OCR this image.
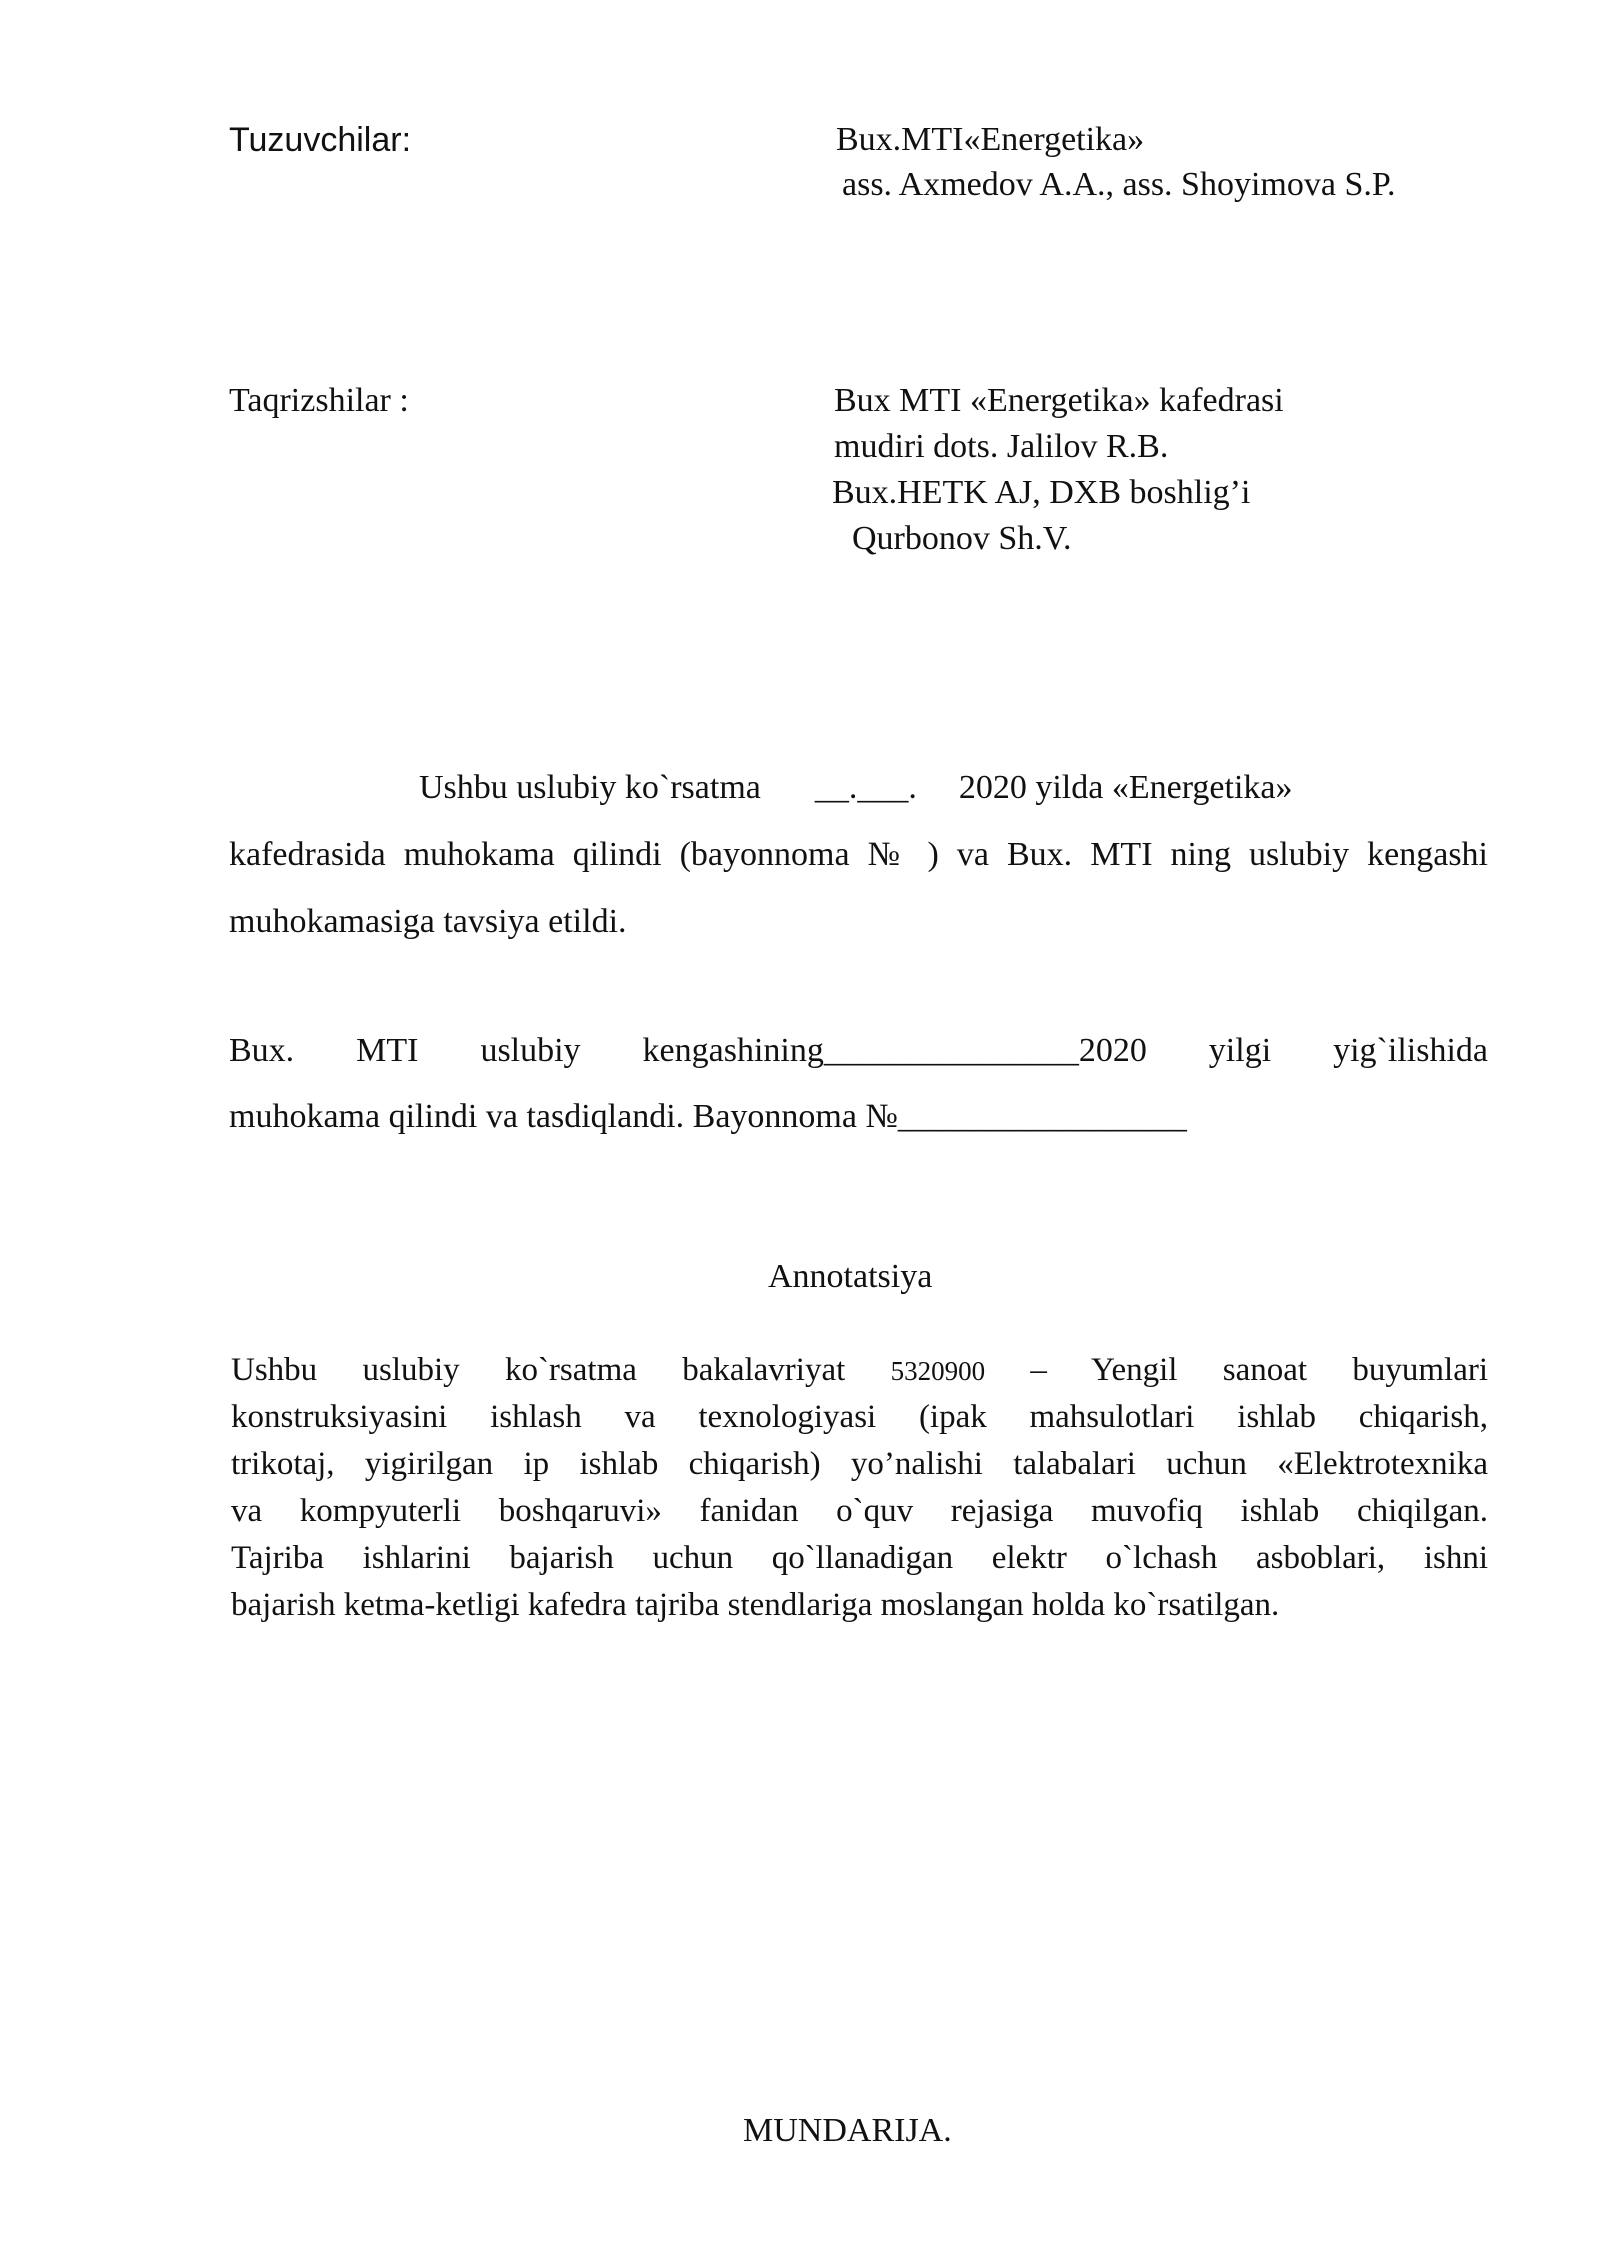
Tuzuvchilar:	Bux.MTI«Energetika»
ass. Axmedov A.A., ass. Shoyimova S.P.
Taqrizshilar :	Bux MTI «Energetika» kafedrasi
mudiri dots. Jalilov R.B.
Bux.HETK AJ, DXB boshlig’i
Qurbonov Sh.V.
Ushbu uslubiy ko`rsatma __.___. 2020 yilda «Energetika»
kafedrasida muhokama qilindi (bayonnoma № ) va Bux. MTI ning uslubiy kengashi
muhokamasiga tavsiya etildi.
Bux. MTI uslubiy kengashining_______________2020 yilgi yig`ilishida
muhokama qilindi va tasdiqlandi. Bayonnoma №_________________
Annotatsiya
Ushbu uslubiy ko`rsatma bakalavriyat 5320900 – Yengil sanoat buyumlari
konstruksiyasini ishlash va texnologiyasi (ipak mahsulotlari ishlab chiqarish,
trikotaj, yigirilgan ip ishlab chiqarish) yo’nalishi talabalari uchun «Elektrotexnika
va kompyuterli boshqaruvi» fanidan o`quv rejasiga muvofiq ishlab chiqilgan.
Tajriba ishlarini bajarish uchun qo`llanadigan elektr o`lchash asboblari, ishni
bajarish ketma-ketligi kafedra tajriba stendlariga moslangan holda ko`rsatilgan.
MUNDARIJA.
